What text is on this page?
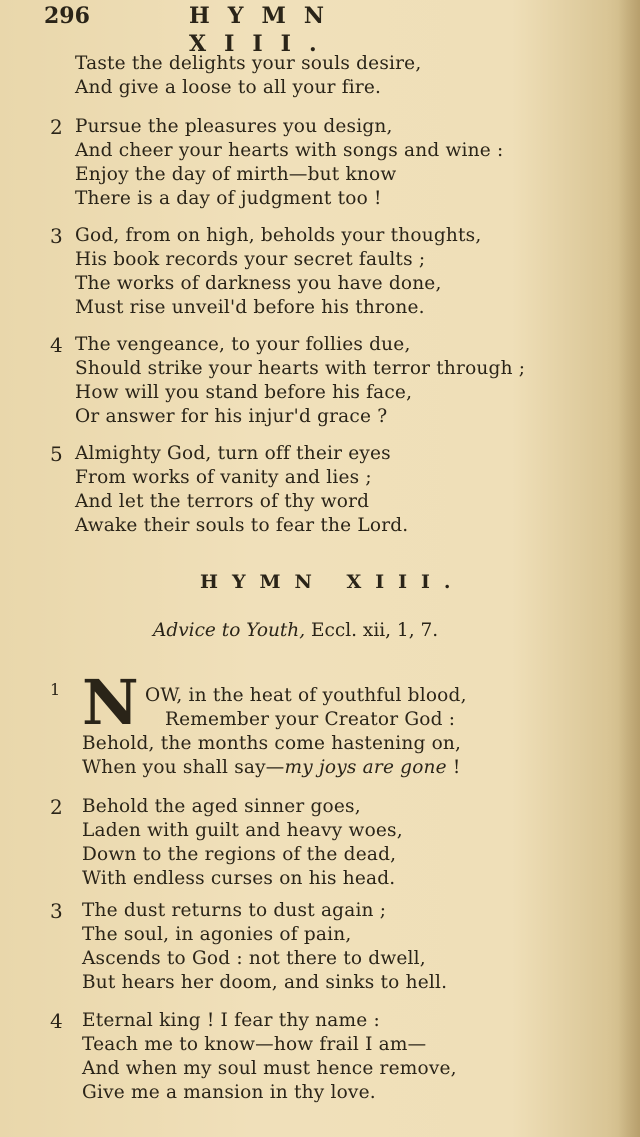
296	HYMN XIII.
Taste the delights your souls desire,
And give a loose to all your fire.
2 Pursue the pleasures you design,
And cheer your hearts with songs and wine :
Enjoy the day of mirth—but know
There is a day of judgment too !
3 God, from on high, beholds your thoughts,
His book records your secret faults ;
The works of darkness you have done,
Must rise unveil'd before his throne.
4 The vengeance, to your follies due,
Should strike your hearts with terror through ;
How will you stand before his face,
Or answer for his injur'd grace ?
5 Almighty God, turn off their eyes
From works of vanity and lies ;
And let the terrors of thy word
Awake their souls to fear the Lord.
HYMN XIII.
Advice to Youth, Eccl. xii, 1, 7.
1 N OW, in the heat of youthful blood,
Remember your Creator God :
Behold, the months come hastening on,
When you shall say—my joys are gone !
2 Behold the aged sinner goes,
Laden with guilt and heavy woes,
Down to the regions of the dead,
With endless curses on his head.
3 The dust returns to dust again ;
The soul, in agonies of pain,
Ascends to God : not there to dwell,
But hears her doom, and sinks to hell.
4 Eternal king ! I fear thy name :
Teach me to know—how frail I am—
And when my soul must hence remove,
Give me a mansion in thy love.
